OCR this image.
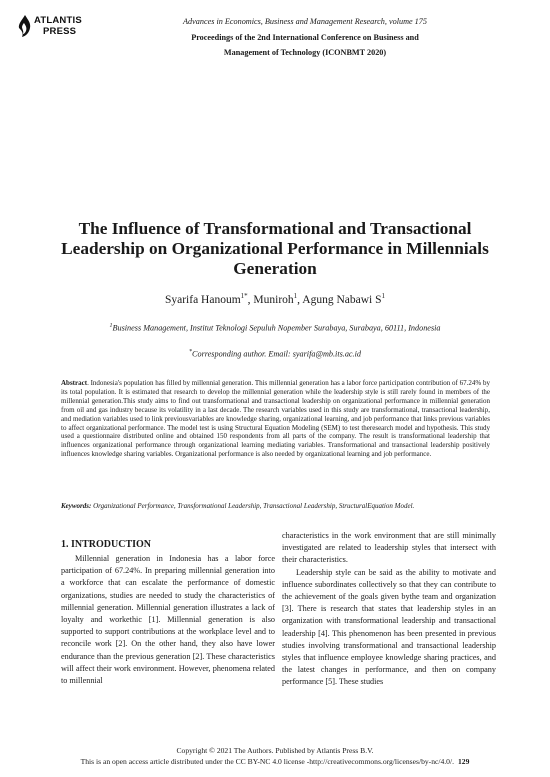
ATLANTIS
PRESS
Advances in Economics, Business and Management Research, volume 175
Proceedings of the 2nd International Conference on Business and
Management of Technology (ICONBMT 2020)
The Influence of Transformational and Transactional
Leadership on Organizational Performance in Millennials
Generation
Syarifa Hanoum$^{1*}$, Muniroh$^1$, Agung Nabawi $S^1$
$^1$Business Management, Institut Teknologi Sepuluh Nopember Surabaya, Surabaya, 60111, Indonesia
*Corresponding author. Email: syarifa@mb.its.ac.id
Abstract. Indonesia's population has filled by millennial generation. This millennial generation has a labor force participation contribution of 67.24% by its total population. It is estimated that research to develop the millennial generation while the leadership style is still rarely found in members of the millennial generation.This study aims to find out transformational and transactional leadership on organizational performance in millennial generation from oil and gas industry because its volatility in a last decade. The research variables used in this study are transformational, transactional leadership, and mediation variables used to link previousvariables are knowledge sharing, organizational learning, and job performance that links previous variables to affect organizational performance. The model test is using Structural Equation Modeling (SEM) to test theresearch model and hypothesis. This study used a questionnaire distributed online and obtained 150 respondents from all parts of the company. The result is transformational leadership that influences organizational performance through organizational learning mediating variables. Transformational and transactional leadership positively influences knowledge sharing variables. Organizational performance is also needed by organizational learning and job performance.
Keywords: Organizational Performance, Transformational Leadership, Transactional Leadership, StructuralEquation Model.
1. INTRODUCTION

Millennial generation in Indonesia has a labor force participation of 67.24%. In preparing millennial generation into a workforce that can escalate the performance of domestic organizations, studies are needed to study the characteristics of millennial generation. Millennial generation illustrates a lack of loyalty and workethic [1]. Millennial generation is also supported to support contributions at the workplace level and to reconcile work [2]. On the other hand, they also have lower endurance than the previous generation [2]. These characteristics will affect their work environment. However, phenomena related to millennial

characteristics in the work environment that are still minimally investigated are related to leadership styles that intersect with their characteristics.

Leadership style can be said as the ability to motivate and influence subordinates collectively so that they can contribute to the achievement of the goals given bythe team and organization [3]. There is research that states that leadership styles in an organization with transformational leadership and transactional leadership [4]. This phenomenon has been presented in previous studies involving transformational and transactional leadership styles that influence employee knowledge sharing practices, and the latest changes in performance, and then on company performance [5]. These studies

Copyright © 2021 The Authors. Published by Atlantis Press B.V.
This is an open access article distributed under the CC BY-NC 4.0 license -http://creativecommons.org/licenses/by-nc/4.0/. 129
